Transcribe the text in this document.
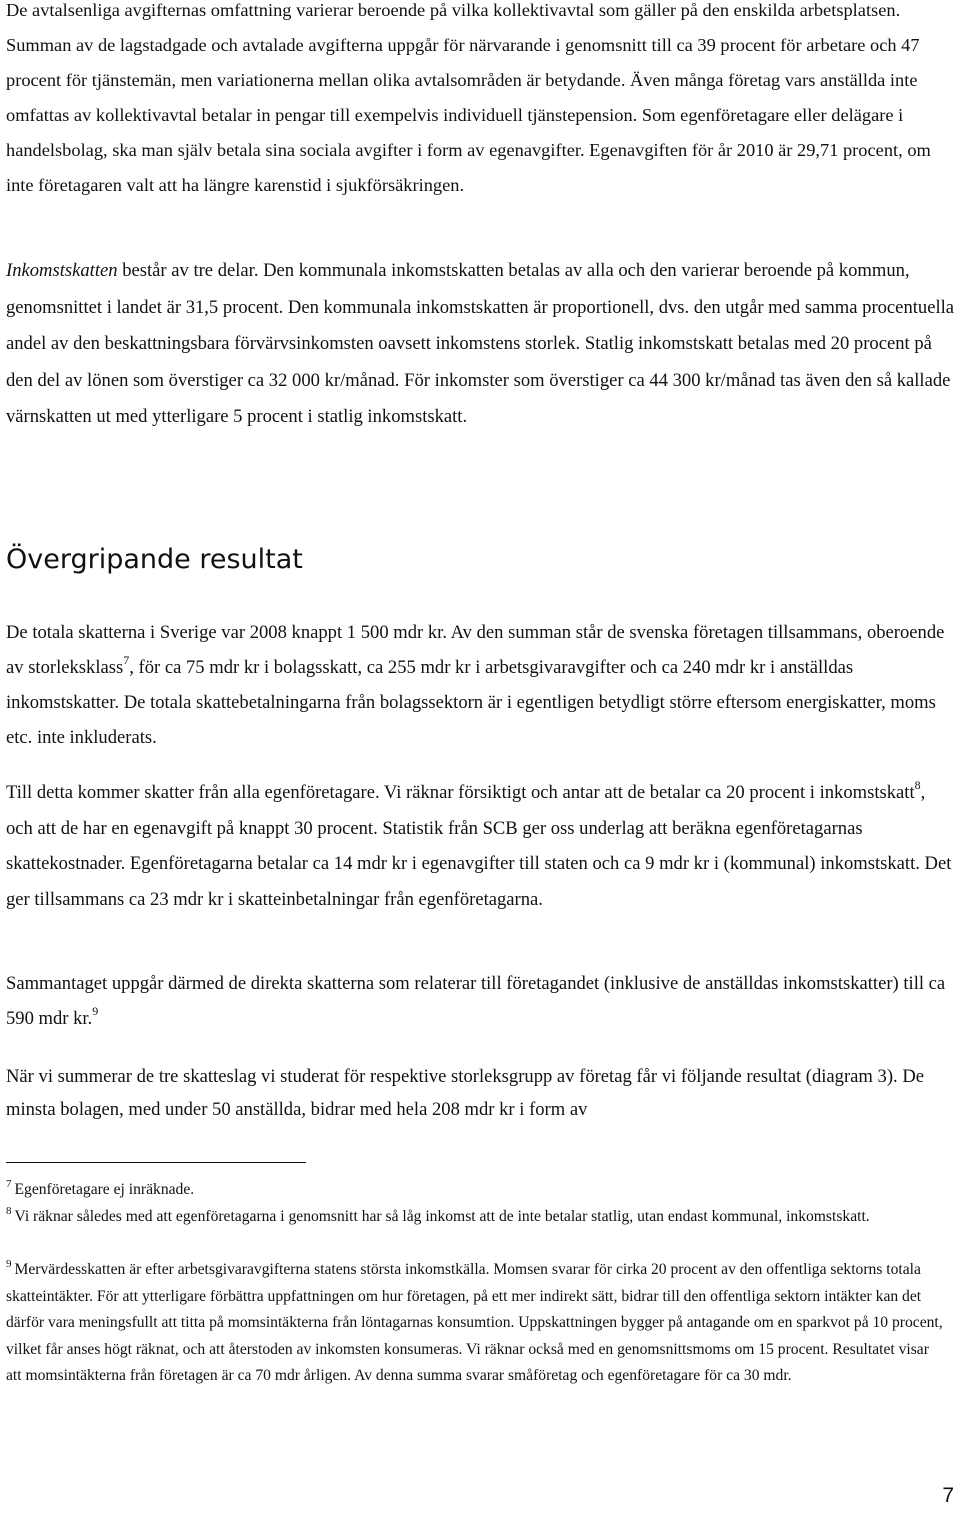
De avtalsenliga avgifternas omfattning varierar beroende på vilka kollektivavtal som gäller på den enskilda arbetsplatsen. Summan av de lagstadgade och avtalade avgifterna uppgår för närvarande i genomsnitt till ca 39 procent för arbetare och 47 procent för tjänstemän, men variationerna mellan olika avtalsområden är betydande. Även många företag vars anställda inte omfattas av kollektivavtal betalar in pengar till exempelvis individuell tjänstepension. Som egenföretagare eller delägare i handelsbolag, ska man själv betala sina sociala avgifter i form av egenavgifter. Egenavgiften för år 2010 är 29,71 procent, om inte företagaren valt att ha längre karenstid i sjukförsäkringen.

Inkomstskatten består av tre delar. Den kommunala inkomstskatten betalas av alla och den varierar beroende på kommun, genomsnittet i landet är 31,5 procent. Den kommunala inkomstskatten är proportionell, dvs. den utgår med samma procentuella andel av den beskattningsbara förvärvsinkomsten oavsett inkomstens storlek. Statlig inkomstskatt betalas med 20 procent på den del av lönen som överstiger ca 32 000 kr/månad. För inkomster som överstiger ca 44 300 kr/månad tas även den så kallade värnskatten ut med ytterligare 5 procent i statlig inkomstskatt.

Övergripande resultat

De totala skatterna i Sverige var 2008 knappt 1 500 mdr kr. Av den summan står de svenska företagen tillsammans, oberoende av storleksklass$^7$, för ca 75 mdr kr i bolagsskatt, ca 255 mdr kr i arbetsgivaravgifter och ca 240 mdr kr i anställdas inkomstskatter. De totala skattebetalningarna från bolagssektorn är i egentligen betydligt större eftersom energiskatter, moms etc. inte inkluderats.

Till detta kommer skatter från alla egenföretagare. Vi räknar försiktigt och antar att de betalar ca 20 procent i inkomstskatt$^8$, och att de har en egenavgift på knappt 30 procent. Statistik från SCB ger oss underlag att beräkna egenföretagarnas skattekostnader. Egenföretagarna betalar ca 14 mdr kr i egenavgifter till staten och ca 9 mdr kr i (kommunal) inkomstskatt. Det ger tillsammans ca 23 mdr kr i skatteinbetalningar från egenföretagarna.

Sammantaget uppgår därmed de direkta skatterna som relaterar till företagandet (inklusive de anställdas inkomstskatter) till ca 590 mdr kr.$^9$

När vi summerar de tre skatteslag vi studerat för respektive storleksgrupp av företag får vi följande resultat (diagram 3). De minsta bolagen, med under 50 anställda, bidrar med hela 208 mdr kr i form av

$^7$ Egenföretagare ej inräknade.

$^8$ Vi räknar således med att egenföretagarna i genomsnitt har så låg inkomst att de inte betalar statlig, utan endast kommunal, inkomstskatt.

$^9$ Mervärdesskatten är efter arbetsgivaravgifterna statens största inkomstkälla. Momsen svarar för cirka 20 procent av den offentliga sektorns totala skatteintäkter. För att ytterligare förbättra uppfattningen om hur företagen, på ett mer indirekt sätt, bidrar till den offentliga sektorn intäkter kan det därför vara meningsfullt att titta på momsintäkterna från löntagarnas konsumtion. Uppskattningen bygger på antagande om en sparkvot på 10 procent, vilket får anses högt räknat, och att återstoden av inkomsten konsumeras. Vi räknar också med en genomsnittsmoms om 15 procent. Resultatet visar att momsintäkterna från företagen är ca 70 mdr årligen. Av denna summa svarar småföretag och egenföretagare för ca 30 mdr.

7
